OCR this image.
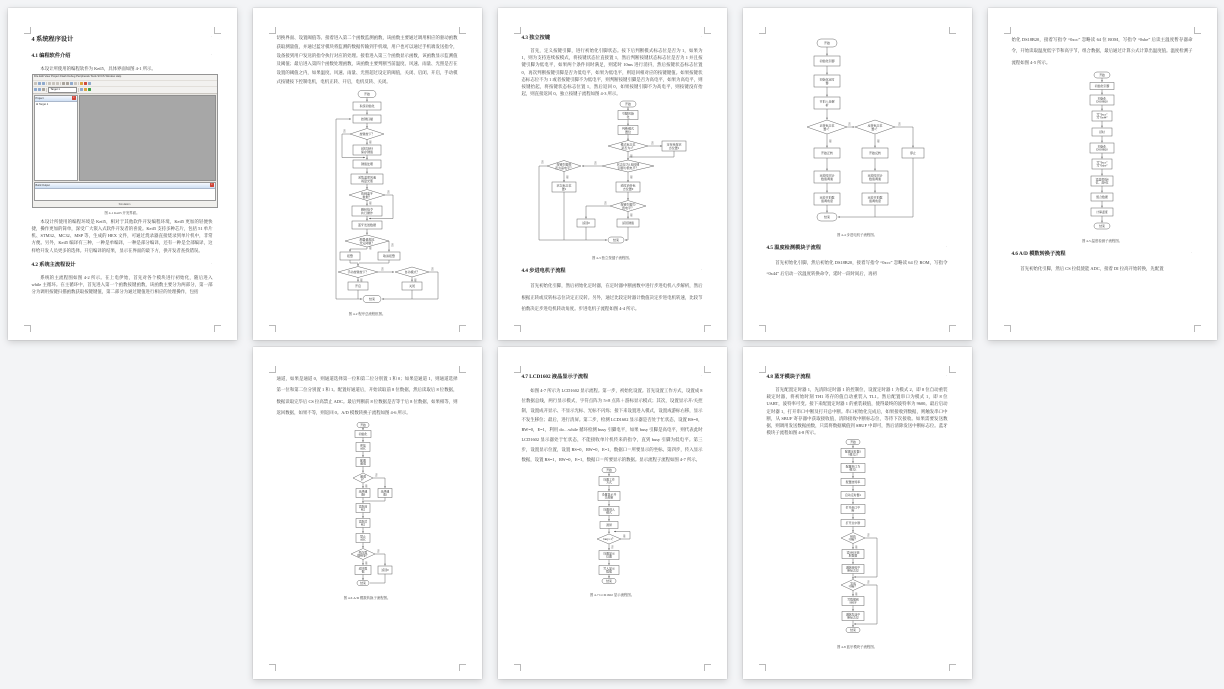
·
4 系统程序设计
·
4.1 编程软件介绍
本设计所使用的编程软件为 Keil5，具体界面如图 4-1 所示。
File Edit View Project Flash Debug Peripherals Tools SVCS Window Help
Target 1
Project	×
⊞ Target 1
Build Output	×
Simulation
图 4-1 Keil5 开发界面。
本设计所使用的编程环境是 Keil5，相对于其他软件开发编程环境，Keil5 更加的轻便快捷，操作更加的简单，深受广大嵌入式软件开发者的喜爱。Keil5 支持多种芯片，包括 51 单片机、STM32、MC32、MSP 等，生成的 HEX 文件，可通过烧录器直接烧录到单片机中，非常方便。另外，Keil5 编译有三种，一种是单编译，一种是部分编译，还有一种是全部编译，这样给开发人员更多的选择。开启编译的结果，显示在界面的最下方，供开发者查找错误。
·
4.2 系统主流程设计
系统的主流程图如图 4-2 所示。在上电伊始，首先对各个模块进行初始化，随后进入 while 主循环。在主循环中，首先进入第一个函数按键函数，该函数主要分为两部分，第一部分为调用按键扫描函数获取按键键值，第二部分为通过键值进行相应的处理操作，包括
切换界面、设置阈值等。接着进入第二个函数监测函数，该函数主要通过调用相应的驱动函数获取测量值，并通过蓝牙模块将监测的数据传输到手机端，用户也可以通过手机端发送指令，设备接到用户发送的指令执行对应的处理。接着进入第三个函数显示函数，该函数显示监测值及阈值；最后进入第四个函数处理函数，该函数主要判断当前温度、风速、雨量、光照是否在设置的阈值之内，如果温度、风速、雨量、光照超过设定的阈值，关闭、启闭、开启，手动模式按键按下控制电机，电机正转、开启，电机反转、关闭。
是
否
是
否
是
否
是
否
是
否
开始
系统初始化
按键扫描
按键按下？
延时消抖
保存键值
键值处理
采集温度风速
雨量光照
收到蓝牙
数据？
解析指令
执行操作
蓝牙发送数据
测量值超过
设定阈值？
报警	取消报警
手动按键按下？	自动模式？
开启	关闭
结束
图 4-2 程序总流程框图。
·
4.3 独立按键
首先，定义按键引脚，进行初始化引脚状态。按下后判断模式标志位是否为 1，如果为 1，则为支持连续按模式，将按键状态位直接置 1，然后判断按键状态标志位是否为 1 并且按键引脚为低电平，如果两个条件同时满足，则延时 10ms 进行消抖，然后按键状态标志位置 0，再次判断按键引脚是否为低电平，如果为低电平，则返回相对应的按键键值。如果按键状态标志位不为 1 或者按键引脚不为低电平，则判断按键引脚是否为高电平，如果为高电平，则按键抬起，将按键状态标志位置 1，然后返回 0，如果按键引脚不为高电平，则按键没有抬起，则直接返回 0。独立按键子流程如图 4-3 所示。
否
是
否
是
是
否
否
是
开始
引脚初始
化
判断模式
置位
模式标志位
是否为1？
支持连按状
态位置1
状态位为1且按键
引脚为低电平？
按键引脚是
否为高电平？
状态标志位
置1
延时消抖标
志位置0
按键引脚为
低电平？
返回0	返回键值
结束
图 4-3 独立按键子流程图。
·
4.4 步进电机子流程
首先初始化引脚，然后初始化定时器，在定时器中断函数中进行步进电机八步解析，然后根据正转或反转标志位决定正反转。另外，通过比较定时器计数值决定步进电机转速，比较节拍数决定步进电机转动角度。步进电机子流程如图 4-4 所示。
是
否
是
否
开始
初始化引脚
初始化定时
器
节拍八步解
析
正转标志位
置1？
反转标志位
置1？
开始正转	开始反转	停止
比较时间计
数值调速
比较时间计
数值调速
比较节拍数
值调角度
比较节拍数
值调角度
结束
图 4-4 步进电机子流程图。
·
4.5 温度检测模块子流程
首先初始化引脚，然后初始化 DS18B20，接着写指令 “0xcc” 忽略读 64 位 ROM，写指令 “0x44” 后启动一次温度转换命令，延时一段时间后，再初
始化 DS18B20，接着写指令 “0xcc” 忽略读 64 位 ROM，写指令 “0xbe” 后读主温度暂存器命令，开始读取温度低字节和高字节，组合数据，最后通过计算公式计算出温度值。温度检测子流程如图 4-5 所示。
开始
初始化引脚
初始化
DS18B20
写“0xcc”
写“0x44”
延时
初始化
DS18B20
写“0xcc”
写“0xbe”
读温度低8
位、高8位
组合数据
计算温度
结束
图 4-5 温度检测子流程图。
·
4.6 A/D 模数转换子流程
首先初始化引脚，然后 CS 拉低使能 ADC，接着 DI 拉高开始转换，先配置
通道，如果是通道 0，则通道选择第一位和第二位分别置 1 和 0；如果是通道 1，则通道选择第一位和第二位分别置 1 和 1。配置好通道后，开始读取前 8 位数据，然后读取后 8 位数据，数据读取完毕后 CS 拉高禁止 ADC。最后判断前 8 位数据是否等于后 8 位数据，如果相等，则返回数据，如果不等，则返回 0。A/D 模数转换子流程如图 4-6 所示。
是
否
是
否
开始
初始化
使能
ADC
配置
通道
通道
0？
选择通
道0
选择通
道1
读取前
8位
读取后
8位
禁止
ADC
两次数
据相等？
返回数
据	返回0
结束
图 4-6 A/D 模数转换子流程图。
·
4.7 LCD1602 液晶显示子流程
如图 4-7 所示为 LCD1602 显示流程。第一步，初始化设置。首先设置工作方式，设置成 8 位数据总线，两行显示模式，字符点阵为 5×8 点阵＋游标显示模式；其次，设置显示开/关控制，设置成开显示、不显示光标、光标不闪烁；接下来设置进入模式，设置成游标右移，显示不发生移位；最后，进行清屏。第二步，检测 LCD1602 显示器是否处于忙状态，设置 RS=0，RW=0，E=1，利用 do…while 循环检测 busy 引脚电平，如果 busy 引脚是高电平，则代表此时 LCD1602 显示器处于忙状态，不能接收单片机传来的指令，直到 busy 引脚为低电平。第三步，设置显示位置，设置 RS=0，RW=0，E=1，数据口＝所要显示的坐标。第四步，传入显示数据，设置 RS=1，RW=0，E=1，数据口＝所要显示的数据。显示流程子流程如图 4-7 所示。
是
否
开始
设置工作
方式
设置显示开
关控制
设置进入
模式
清屏
busy=1？
设置显示
位置
写入显示
数据
结束
图 4-7 LCD1602 显示流程图。
·
4.8 蓝牙模块子流程
首先配置定时器 1，先清除定时器 1 的控制位，设置定时器 1 为模式 2，即 8 位自动重装载定时器，将初始时刻 TH1 寄存的值自动重装入 TL1。然后配置串口为模式 1，即 8 位 UART，波特率可变。接下来配置定时器 1 的重装载值，使得最终的波特率为 9600。最后启动定时器 1，打开串口中断及打开总中断。串口初始化完成后，如果接收到数据，则触发串口中断，从 SBUF 寄存器中获取接收值，清除接收中断标志位，等待下次接收。如果需要发送数据，则调用发送数据函数，只需将数据赋值到 SBUF 中即可，然后清除发送中断标志位。蓝牙模块子流程如图 4-8 所示。
是
否
是
否
开始
配置定时器1
（模式2）
配置串口为
模式1
配置波特率
启动定时器1
打开串口中
断
打开总中断
接收
中断？
读SBUF获
取数据
清除接收中
断标志位
发送
中断？
写数据到
SBUF
清除发送中
断标志位
结束
图 4-8 蓝牙模块子流程图。
